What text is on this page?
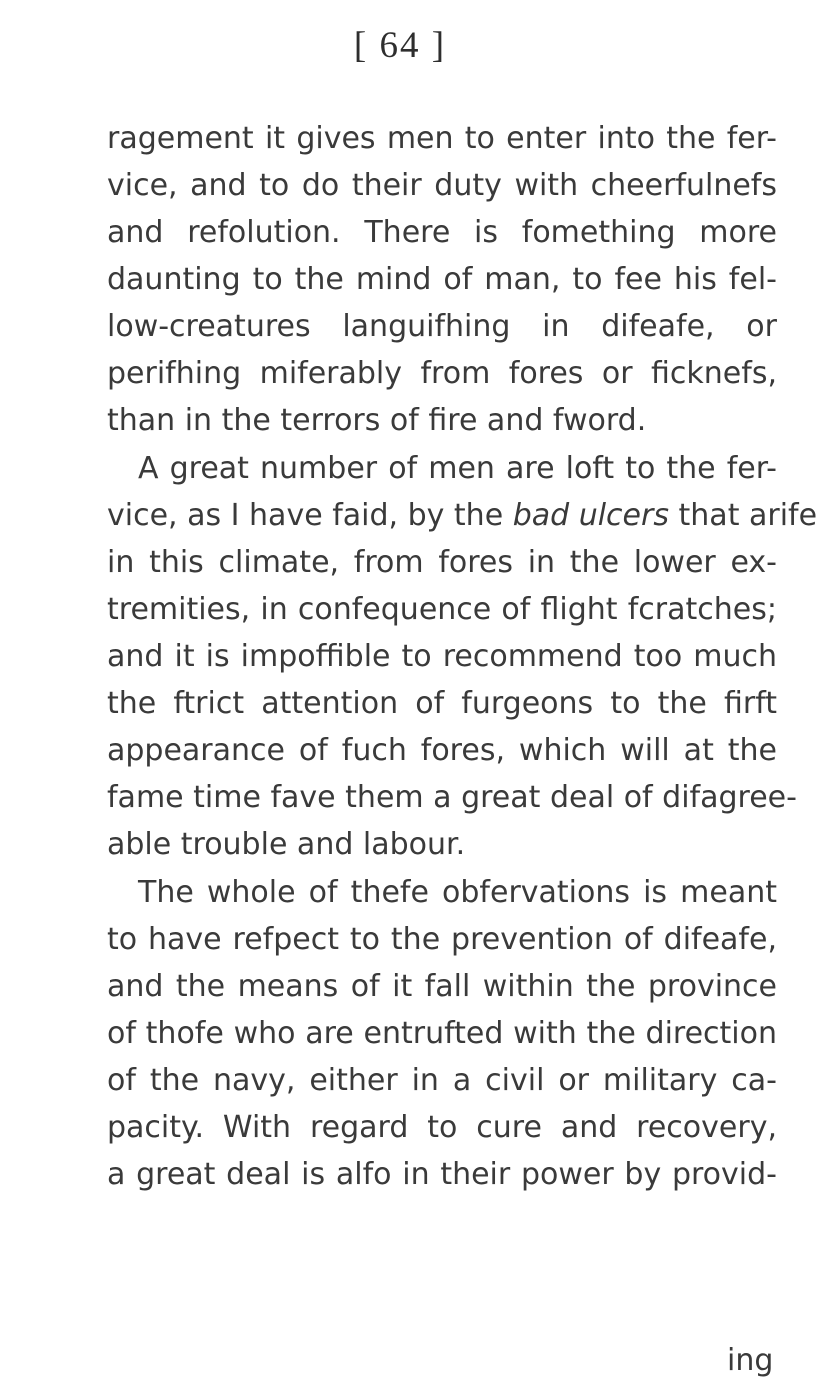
[ 64 ]
ragement it gives men to enter into the fer-
vice, and to do their duty with cheerfulnefs
and refolution. There is fomething more
daunting to the mind of man, to fee his fel-
low-creatures languifhing in difeafe, or
perifhing miferably from fores or ficknefs,
than in the terrors of fire and fword.
A great number of men are loft to the fer-
vice, as I have faid, by the bad ulcers that arife
in this climate, from fores in the lower ex-
tremities, in confequence of flight fcratches;
and it is impoffible to recommend too much
the ftrict attention of furgeons to the firft
appearance of fuch fores, which will at the
fame time fave them a great deal of difagree-
able trouble and labour.
The whole of thefe obfervations is meant
to have refpect to the prevention of difeafe,
and the means of it fall within the province
of thofe who are entrufted with the direction
of the navy, either in a civil or military ca-
pacity. With regard to cure and recovery,
a great deal is alfo in their power by provid-
ing
